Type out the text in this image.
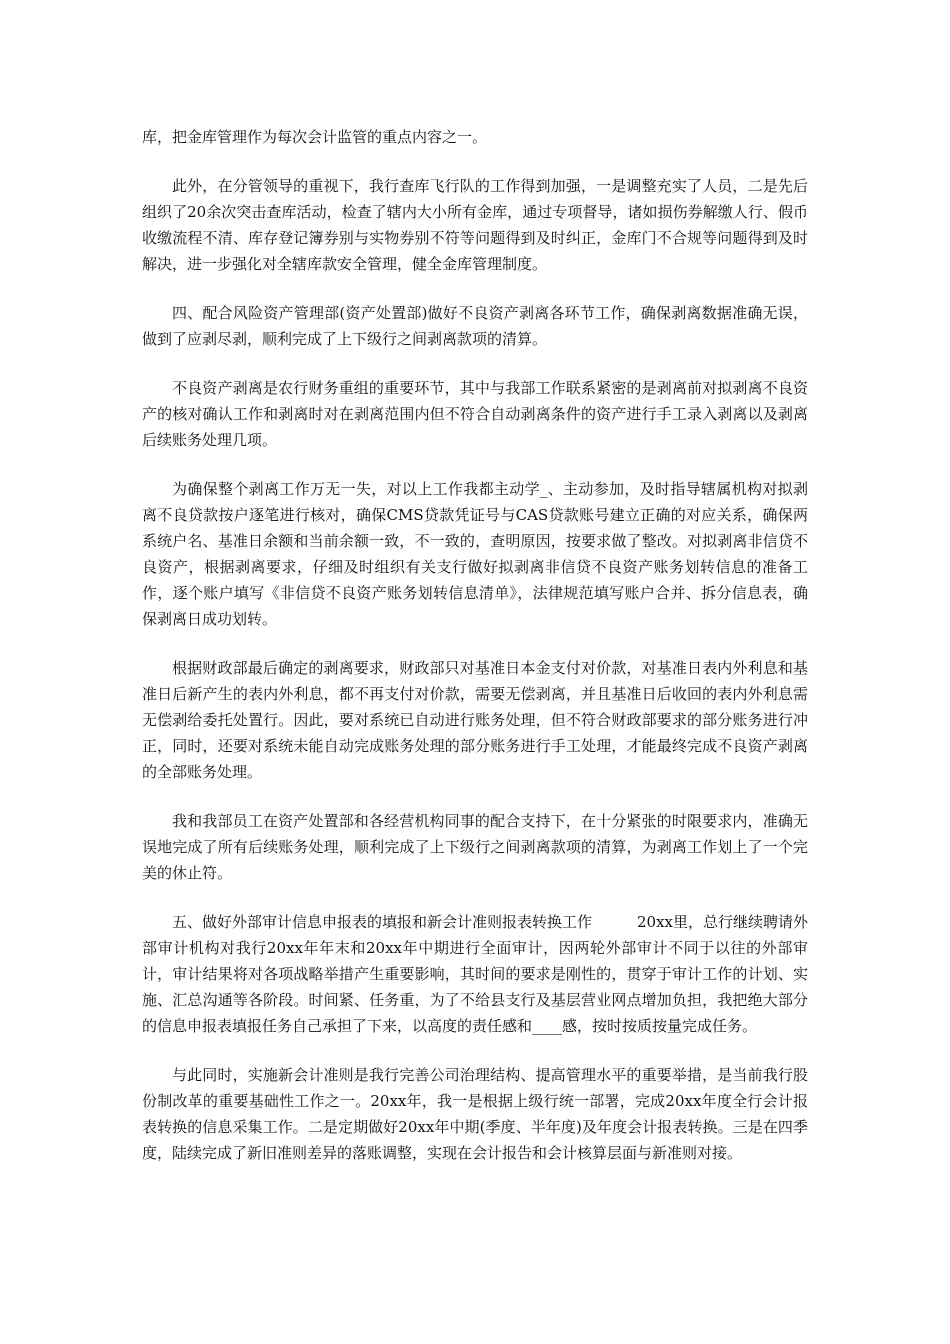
库，把金库管理作为每次会计监管的重点内容之一。

此外，在分管领导的重视下，我行查库飞行队的工作得到加强，一是调整充实了人员，二是先后组织了20余次突击查库活动，检查了辖内大小所有金库，通过专项督导，诸如损伤券解缴人行、假币收缴流程不清、库存登记簿券别与实物券别不符等问题得到及时纠正，金库门不合规等问题得到及时解决，进一步强化对全辖库款安全管理，健全金库管理制度。

四、配合风险资产管理部(资产处置部)做好不良资产剥离各环节工作，确保剥离数据准确无误，做到了应剥尽剥，顺利完成了上下级行之间剥离款项的清算。

不良资产剥离是农行财务重组的重要环节，其中与我部工作联系紧密的是剥离前对拟剥离不良资产的核对确认工作和剥离时对在剥离范围内但不符合自动剥离条件的资产进行手工录入剥离以及剥离后续账务处理几项。

为确保整个剥离工作万无一失，对以上工作我都主动学_、主动参加，及时指导辖属机构对拟剥离不良贷款按户逐笔进行核对，确保CMS贷款凭证号与CAS贷款账号建立正确的对应关系，确保两系统户名、基准日余额和当前余额一致，不一致的，查明原因，按要求做了整改。对拟剥离非信贷不良资产，根据剥离要求，仔细及时组织有关支行做好拟剥离非信贷不良资产账务划转信息的准备工作，逐个账户填写《非信贷不良资产账务划转信息清单》，法律规范填写账户合并、拆分信息表，确保剥离日成功划转。

根据财政部最后确定的剥离要求，财政部只对基准日本金支付对价款，对基准日表内外利息和基准日后新产生的表内外利息，都不再支付对价款，需要无偿剥离，并且基准日后收回的表内外利息需无偿剥给委托处置行。因此，要对系统已自动进行账务处理，但不符合财政部要求的部分账务进行冲正，同时，还要对系统未能自动完成账务处理的部分账务进行手工处理，才能最终完成不良资产剥离的全部账务处理。

我和我部员工在资产处置部和各经营机构同事的配合支持下，在十分紧张的时限要求内，准确无误地完成了所有后续账务处理，顺利完成了上下级行之间剥离款项的清算，为剥离工作划上了一个完美的休止符。

五、做好外部审计信息申报表的填报和新会计准则报表转换工作　　　20xx里，总行继续聘请外部审计机构对我行20xx年年末和20xx年中期进行全面审计，因两轮外部审计不同于以往的外部审计，审计结果将对各项战略举措产生重要影响，其时间的要求是刚性的，贯穿于审计工作的计划、实施、汇总沟通等各阶段。时间紧、任务重，为了不给县支行及基层营业网点增加负担，我把绝大部分的信息申报表填报任务自己承担了下来，以高度的责任感和____感，按时按质按量完成任务。

与此同时，实施新会计准则是我行完善公司治理结构、提高管理水平的重要举措，是当前我行股份制改革的重要基础性工作之一。20xx年，我一是根据上级行统一部署，完成20xx年度全行会计报表转换的信息采集工作。二是定期做好20xx年中期(季度、半年度)及年度会计报表转换。三是在四季度，陆续完成了新旧准则差异的落账调整，实现在会计报告和会计核算层面与新准则对接。
